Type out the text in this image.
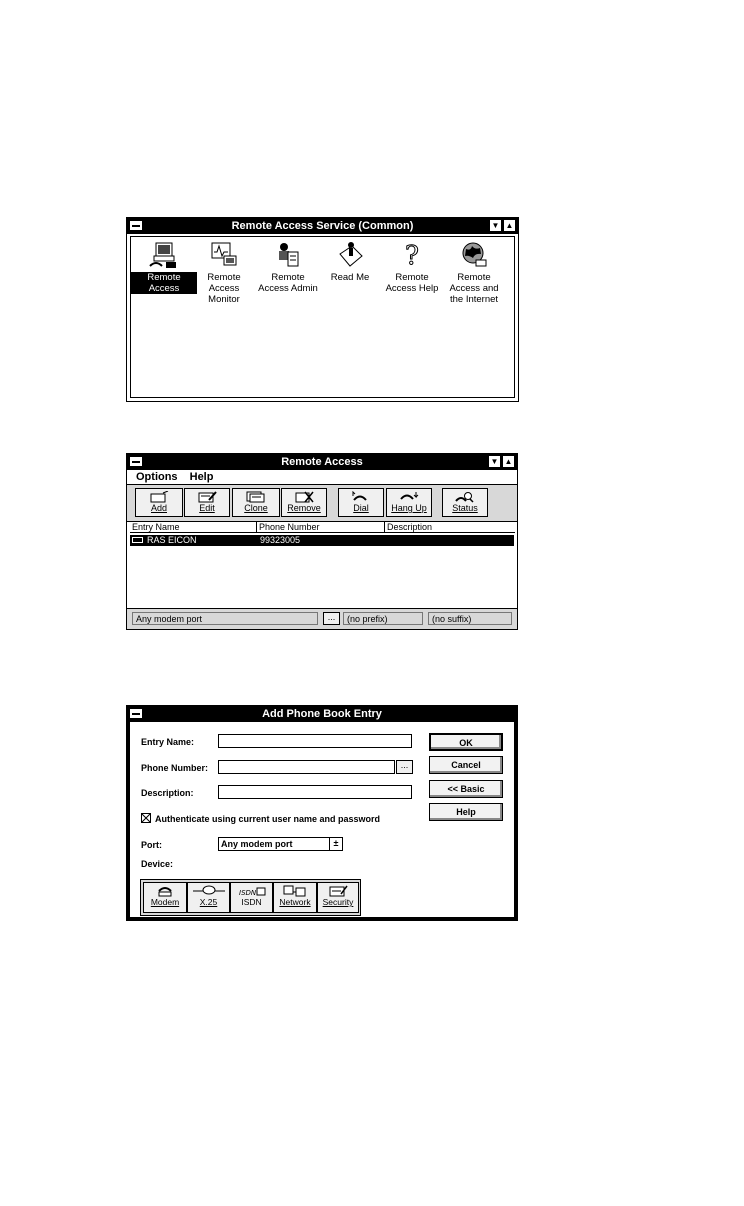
Remote Access Service (Common)	▼ ▲
Remote Access
Remote Access Monitor
Remote Access Admin
Read Me
?
Remote Access Help
Remote Access and the Internet
Remote Access	▼ ▲
Options Help
Add	Edit	Clone	Remove	Dial	Hang Up	Status
Entry Name	Phone Number	Description
RAS EICON	99323005
Any modem port	...	(no prefix)	(no suffix)
Add Phone Book Entry
Entry Name:
Phone Number:	...
Description:
Authenticate using current user name and password
Port:	Any modem port	±
Device:
OK
Cancel
<< Basic
Help
Modem	X.25
ISDN
ISDN	Network	Security
